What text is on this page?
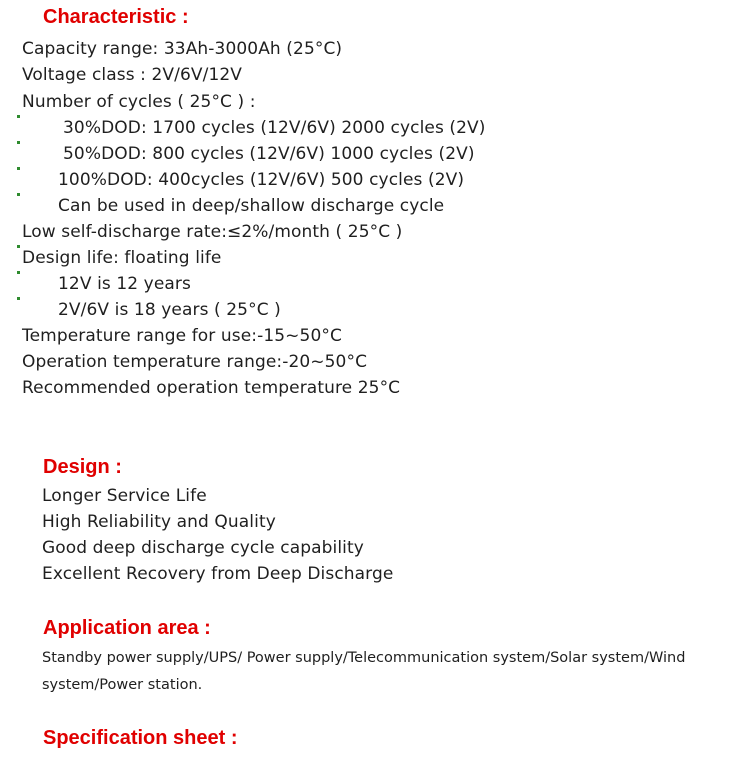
Characteristic :
Capacity range: 33Ah-3000Ah (25°C)
Voltage class : 2V/6V/12V
Number of cycles ( 25°C ) :
30%DOD: 1700 cycles (12V/6V) 2000 cycles (2V)
50%DOD: 800 cycles (12V/6V) 1000 cycles (2V)
100%DOD: 400cycles (12V/6V) 500 cycles (2V)
Can be used in deep/shallow discharge cycle
Low self-discharge rate:≤2%/month ( 25°C )
Design life: floating life
12V is 12 years
2V/6V is 18 years ( 25°C )
Temperature range for use:-15~50°C
Operation temperature range:-20~50°C
Recommended operation temperature 25°C
Design :
Longer Service Life
High Reliability and Quality
Good deep discharge cycle capability
Excellent Recovery from Deep Discharge
Application area :
Standby power supply/UPS/ Power supply/Telecommunication system/Solar system/Wind system/Power station.
Specification sheet :
